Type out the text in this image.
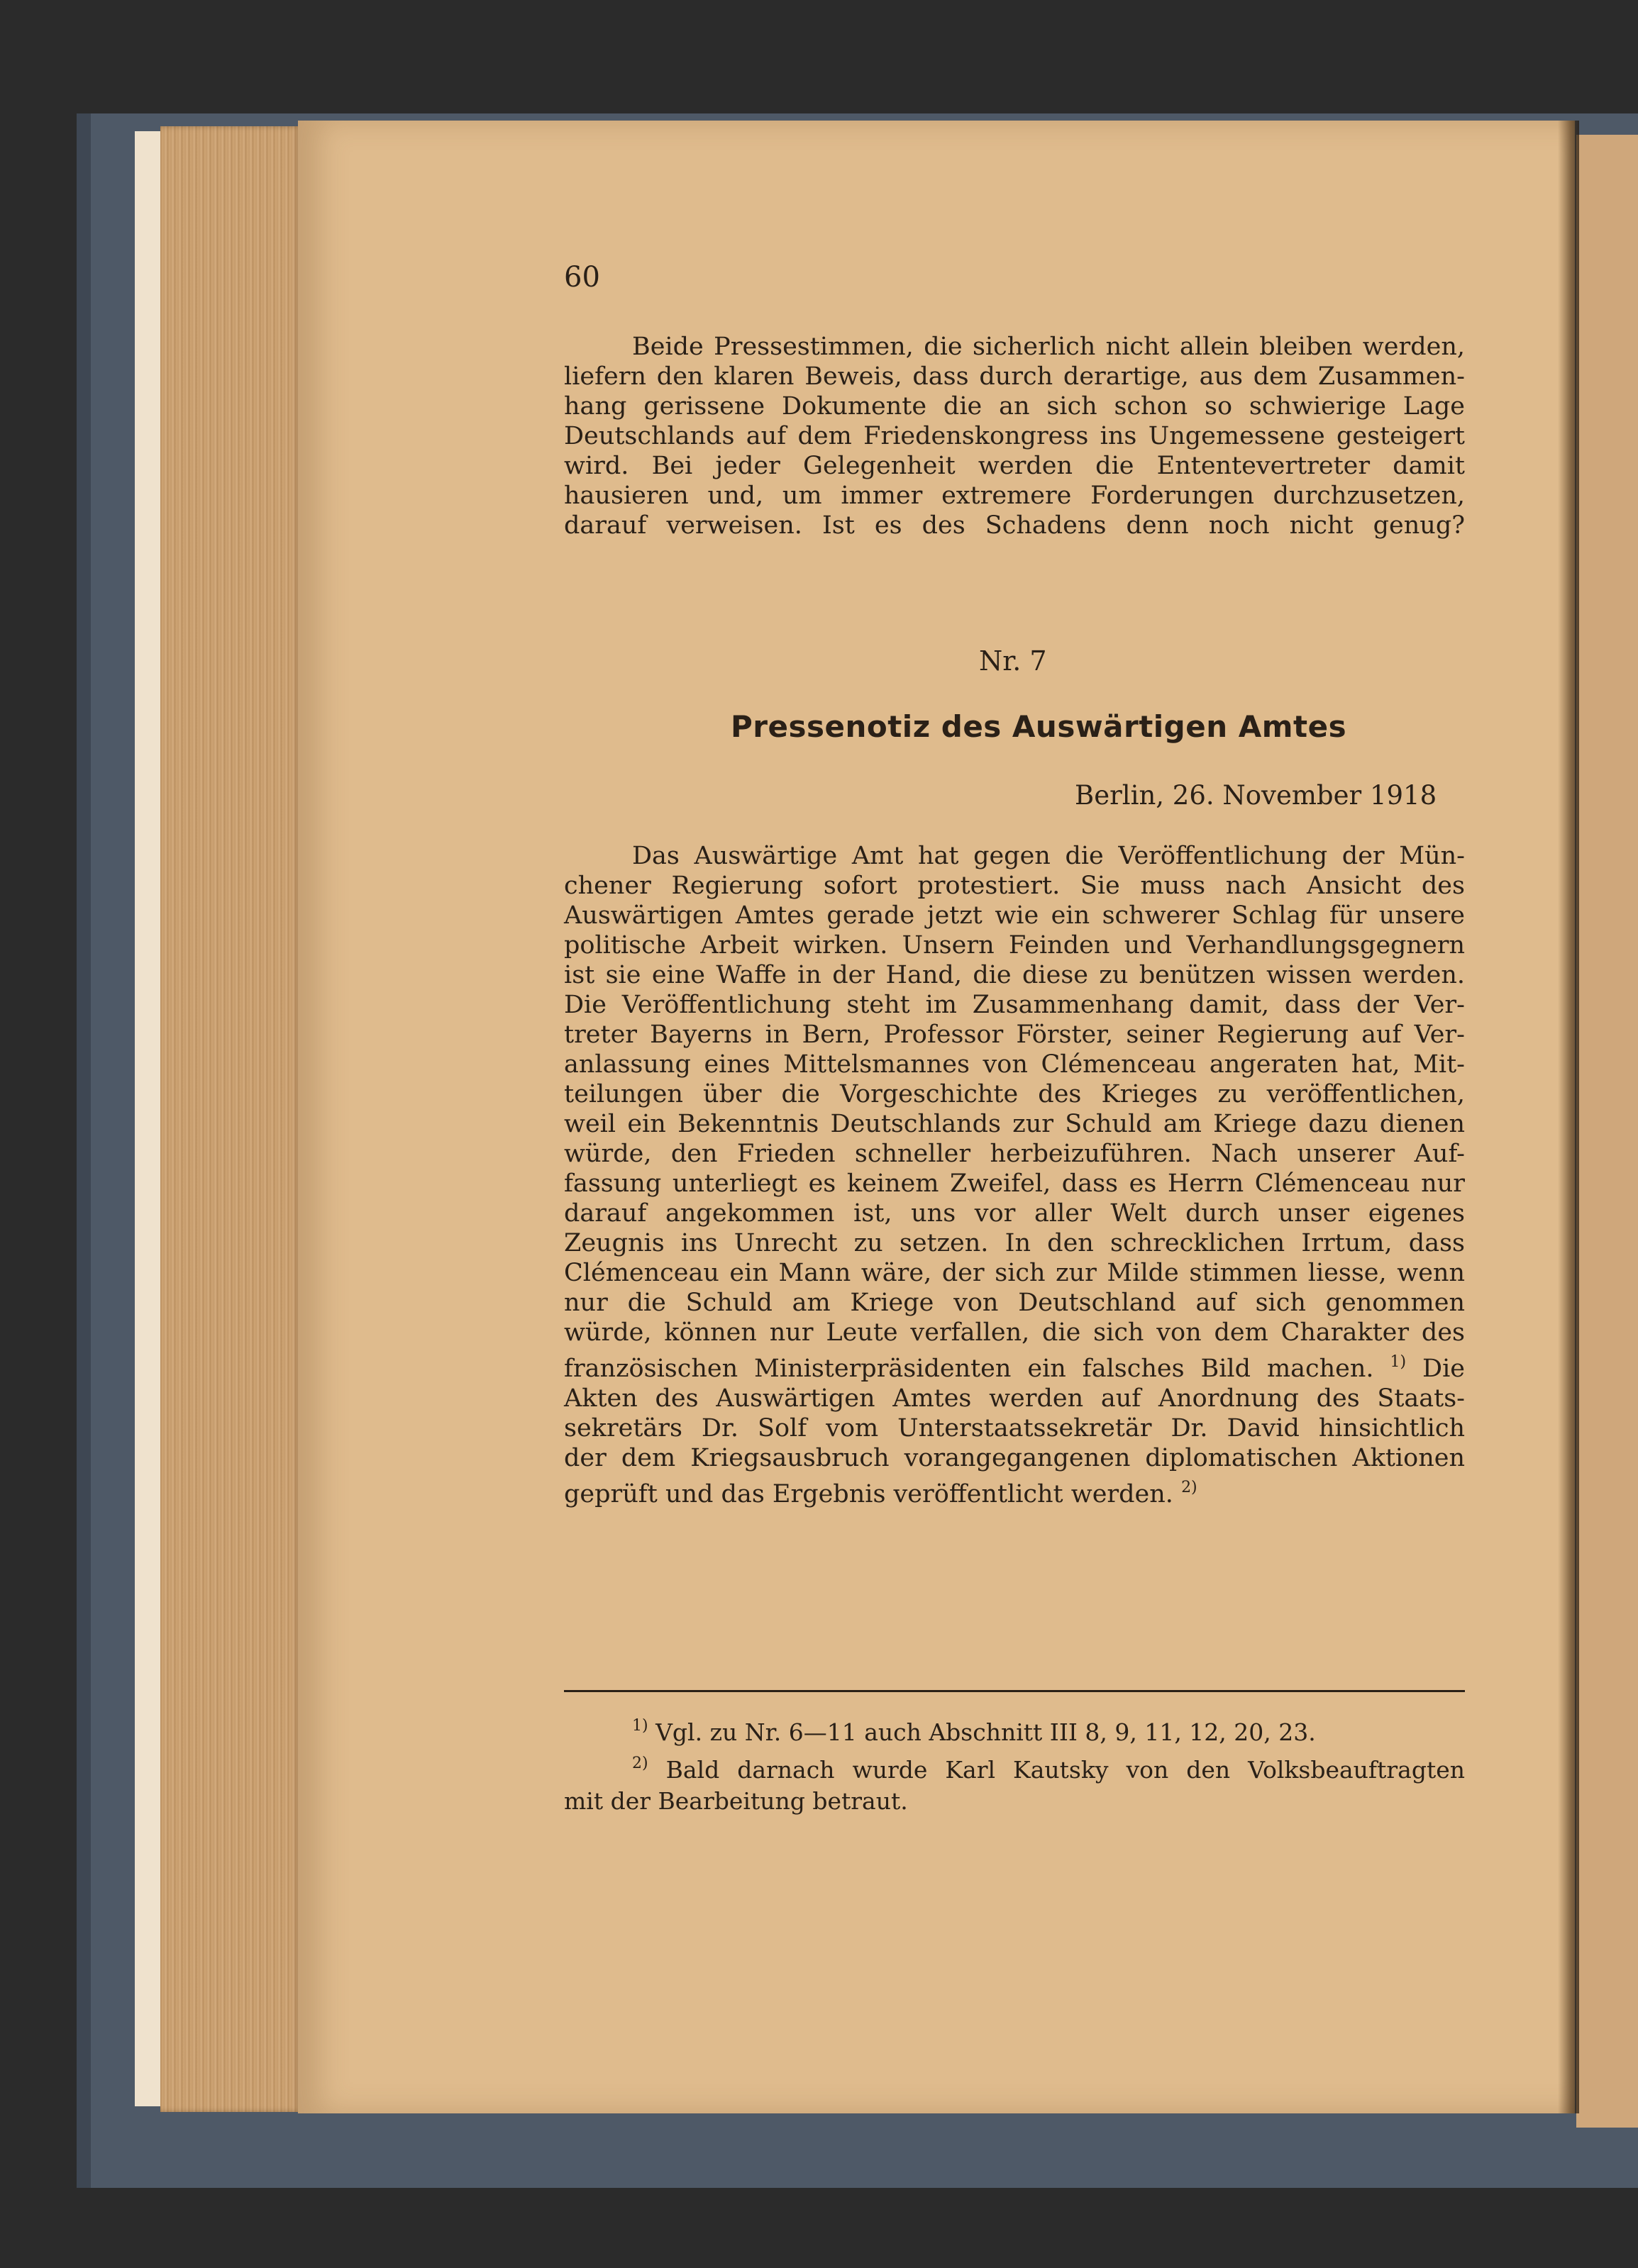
60
Beide Pressestimmen, die sicherlich nicht allein bleiben werden,
liefern den klaren Beweis, dass durch derartige, aus dem Zusammen-
hang gerissene Dokumente die an sich schon so schwierige Lage
Deutschlands auf dem Friedenskongress ins Ungemessene gesteigert
wird. Bei jeder Gelegenheit werden die Ententevertreter damit
hausieren und, um immer extremere Forderungen durchzusetzen,
darauf verweisen. Ist es des Schadens denn noch nicht genug?
Nr. 7
Pressenotiz des Auswärtigen Amtes
Berlin, 26. November 1918
Das Auswärtige Amt hat gegen die Veröffentlichung der Mün-
chener Regierung sofort protestiert. Sie muss nach Ansicht des
Auswärtigen Amtes gerade jetzt wie ein schwerer Schlag für unsere
politische Arbeit wirken. Unsern Feinden und Verhandlungsgegnern
ist sie eine Waffe in der Hand, die diese zu benützen wissen werden.
Die Veröffentlichung steht im Zusammenhang damit, dass der Ver-
treter Bayerns in Bern, Professor Förster, seiner Regierung auf Ver-
anlassung eines Mittelsmannes von Clémenceau angeraten hat, Mit-
teilungen über die Vorgeschichte des Krieges zu veröffentlichen,
weil ein Bekenntnis Deutschlands zur Schuld am Kriege dazu dienen
würde, den Frieden schneller herbeizuführen. Nach unserer Auf-
fassung unterliegt es keinem Zweifel, dass es Herrn Clémenceau nur
darauf angekommen ist, uns vor aller Welt durch unser eigenes
Zeugnis ins Unrecht zu setzen. In den schrecklichen Irrtum, dass
Clémenceau ein Mann wäre, der sich zur Milde stimmen liesse, wenn
nur die Schuld am Kriege von Deutschland auf sich genommen
würde, können nur Leute verfallen, die sich von dem Charakter des
französischen Ministerpräsidenten ein falsches Bild machen. $^{1)}$ Die
Akten des Auswärtigen Amtes werden auf Anordnung des Staats-
sekretärs Dr. Solf vom Unterstaatssekretär Dr. David hinsichtlich
der dem Kriegsausbruch vorangegangenen diplomatischen Aktionen
geprüft und das Ergebnis veröffentlicht werden. $^{2)}$
$^{1)}$ Vgl. zu Nr. 6—11 auch Abschnitt III 8, 9, 11, 12, 20, 23.
$^{2)}$ Bald darnach wurde Karl Kautsky von den Volksbeauftragten
mit der Bearbeitung betraut.
